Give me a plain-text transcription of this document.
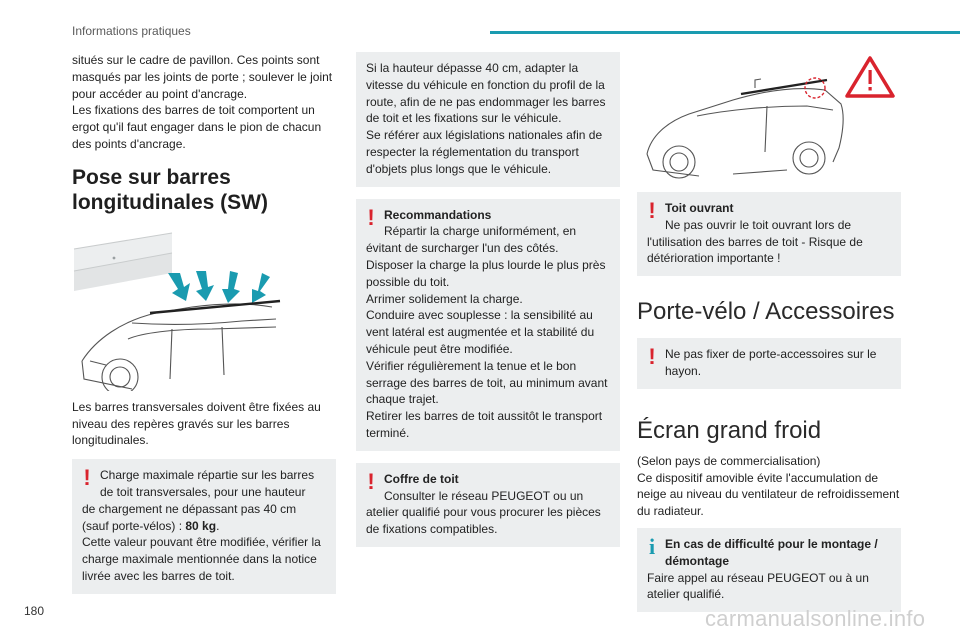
Informations pratiques

situés sur le cadre de pavillon. Ces points sont masqués par les joints de porte ; soulever le joint pour accéder au point d'ancrage.

Les fixations des barres de toit comportent un ergot qu'il faut engager dans le pion de chacun des points d'ancrage.

Pose sur barres
longitudinales (SW)

Les barres transversales doivent être fixées au niveau des repères gravés sur les barres longitudinales.

! Charge maximale répartie sur les barres

de toit transversales, pour une hauteur

de chargement ne dépassant pas 40 cm (sauf porte-vélos) : 80 kg.

Cette valeur pouvant être modifiée, vérifier la charge maximale mentionnée dans la notice livrée avec les barres de toit.

Si la hauteur dépasse 40 cm, adapter la vitesse du véhicule en fonction du profil de la route, afin de ne pas endommager les barres de toit et les fixations sur le véhicule.

Se référer aux législations nationales afin de respecter la réglementation du transport d'objets plus longs que le véhicule.

! Recommandations

Répartir la charge uniformément, en

évitant de surcharger l'un des côtés.

Disposer la charge la plus lourde le plus près possible du toit.

Arrimer solidement la charge.

Conduire avec souplesse : la sensibilité au vent latéral est augmentée et la stabilité du véhicule peut être modifiée.

Vérifier régulièrement la tenue et le bon serrage des barres de toit, au minimum avant chaque trajet.

Retirer les barres de toit aussitôt le transport terminé.

! Coffre de toit

Consulter le réseau PEUGEOT ou un

atelier qualifié pour vous procurer les pièces de fixations compatibles.

! Toit ouvrant

Ne pas ouvrir le toit ouvrant lors de

l'utilisation des barres de toit - Risque de détérioration importante !

Porte-vélo / Accessoires
! Ne pas fixer de porte-accessoires sur le

hayon.

Écran grand froid

(Selon pays de commercialisation)

Ce dispositif amovible évite l'accumulation de neige au niveau du ventilateur de refroidissement du radiateur.

i En cas de difficulté pour le montage /

démontage

Faire appel au réseau PEUGEOT ou à un atelier qualifié.

180	carmanualsonline.info
